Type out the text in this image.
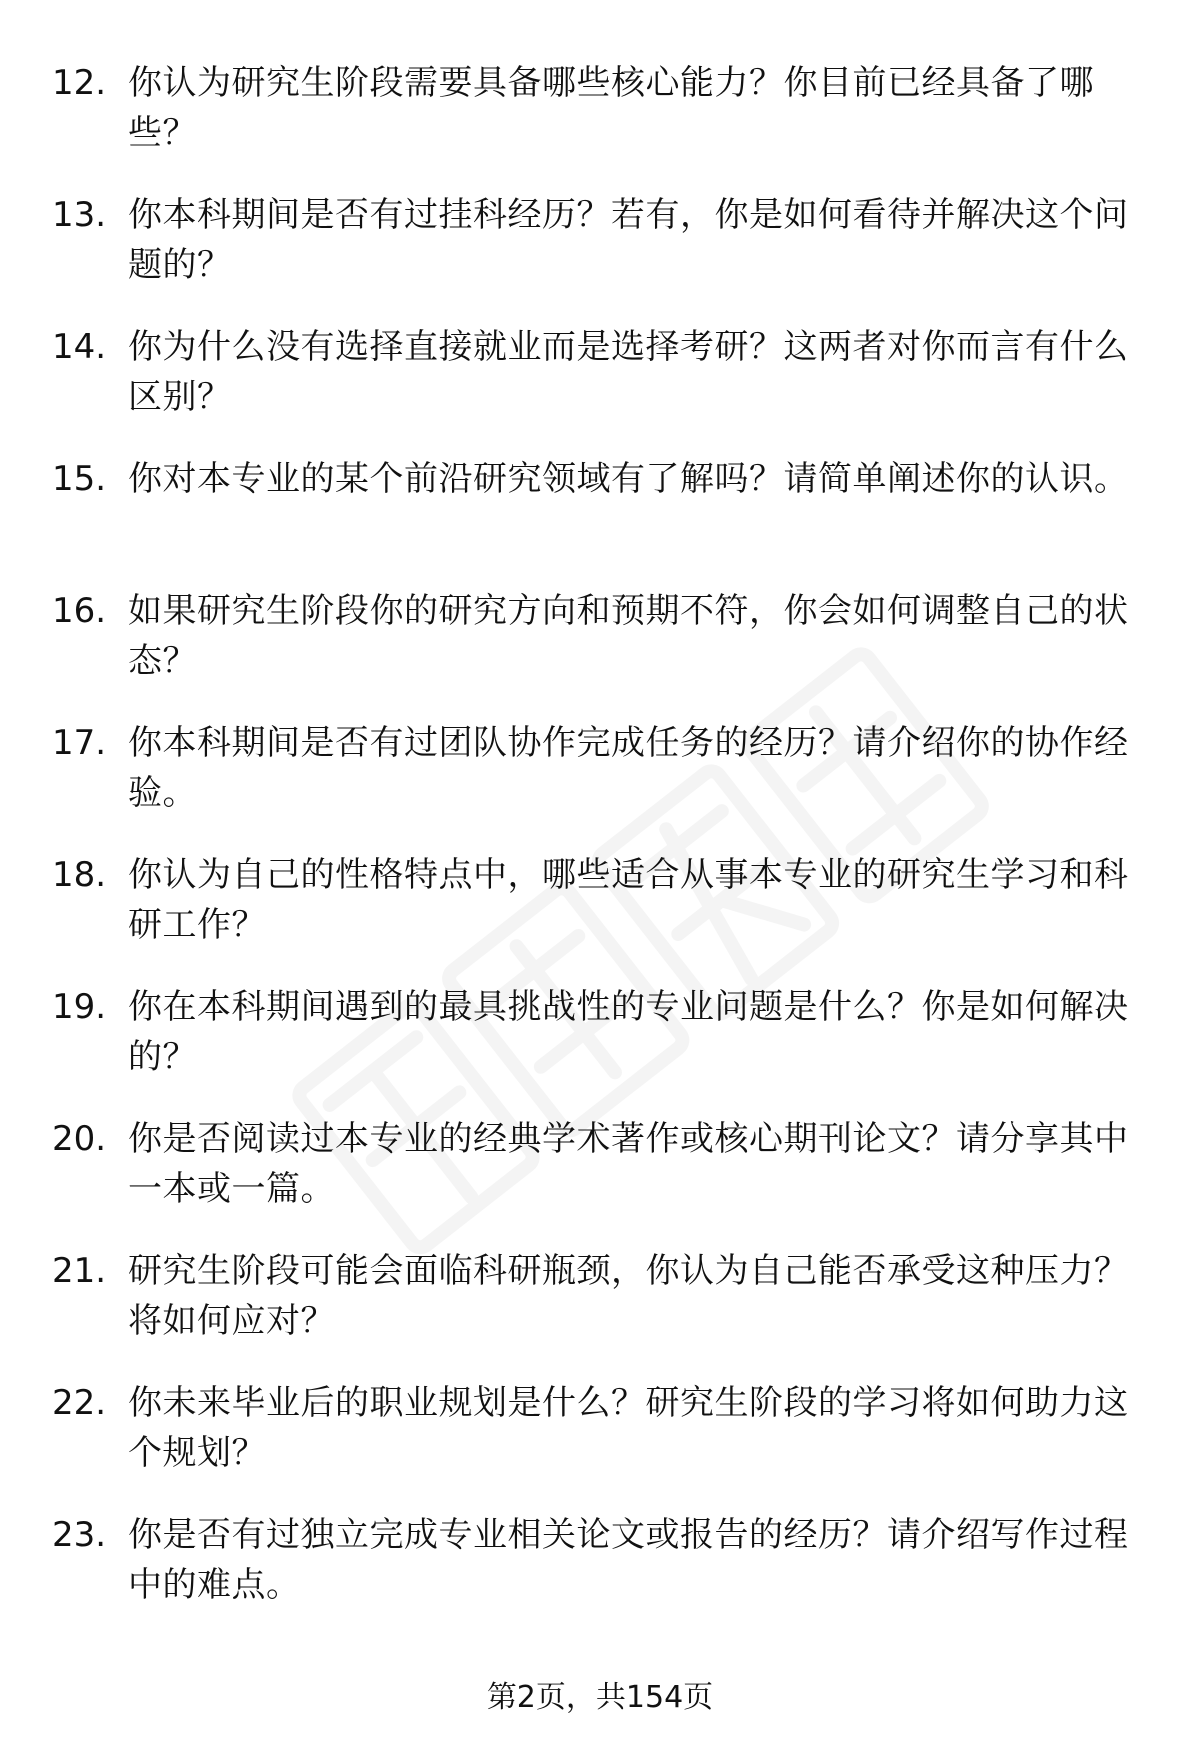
12. 你认为研究生阶段需要具备哪些核心能力？你目前已经具备了哪些？
13. 你本科期间是否有过挂科经历？若有，你是如何看待并解决这个问题的？
14. 你为什么没有选择直接就业而是选择考研？这两者对你而言有什么区别？
15. 你对本专业的某个前沿研究领域有了解吗？请简单阐述你的认识。
16. 如果研究生阶段你的研究方向和预期不符，你会如何调整自己的状态？
17. 你本科期间是否有过团队协作完成任务的经历？请介绍你的协作经验。
18. 你认为自己的性格特点中，哪些适合从事本专业的研究生学习和科研工作？
19. 你在本科期间遇到的最具挑战性的专业问题是什么？你是如何解决的？
20. 你是否阅读过本专业的经典学术著作或核心期刊论文？请分享其中一本或一篇。
21. 研究生阶段可能会面临科研瓶颈，你认为自己能否承受这种压力？将如何应对？
22. 你未来毕业后的职业规划是什么？研究生阶段的学习将如何助力这个规划？
23. 你是否有过独立完成专业相关论文或报告的经历？请介绍写作过程中的难点。
第2页，共154页
